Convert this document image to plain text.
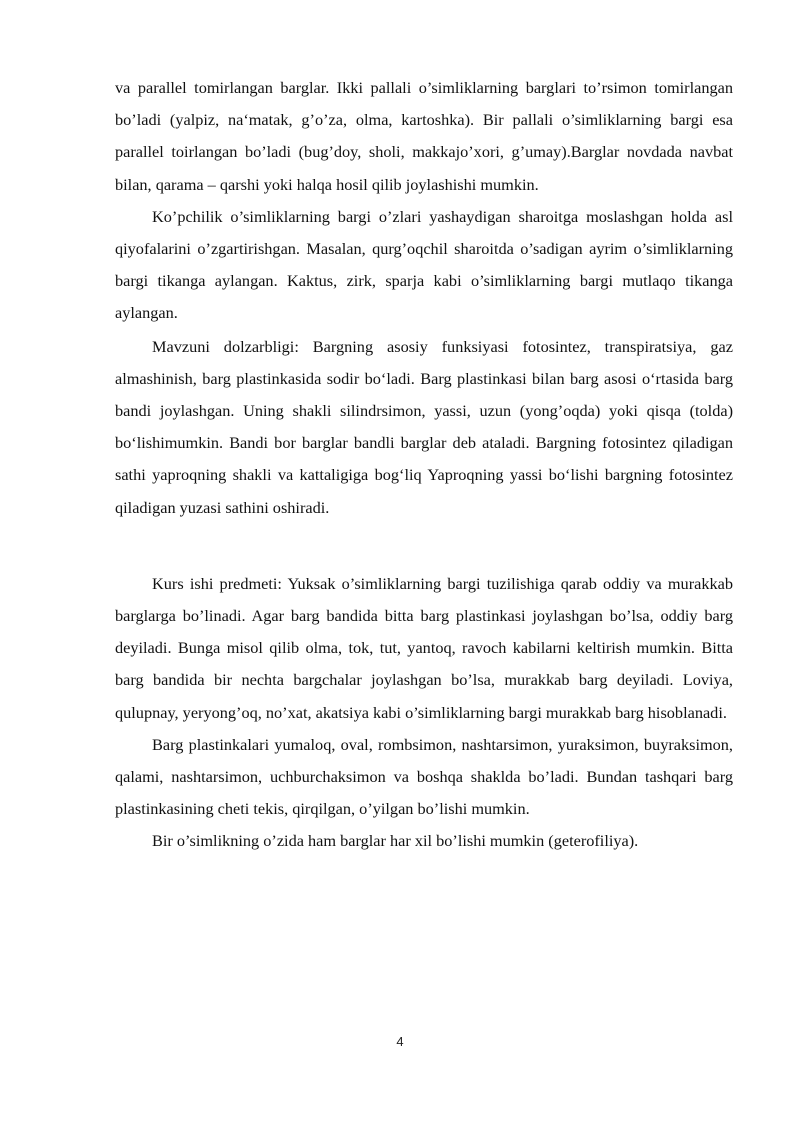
va parallel tomirlangan barglar. Ikki pallali o’simliklarning barglari to’rsimon tomirlangan bo’ladi (yalpiz, na‘matak, g’o’za, olma, kartoshka). Bir pallali o’simliklarning bargi esa parallel toirlangan bo’ladi (bug’doy, sholi, makkajo’xori, g’umay).Barglar novdada navbat bilan, qarama – qarshi yoki halqa hosil qilib joylashishi mumkin.

Ko’pchilik o’simliklarning bargi o’zlari yashaydigan sharoitga moslashgan holda asl qiyofalarini o’zgartirishgan. Masalan, qurg’oqchil sharoitda o’sadigan ayrim o’simliklarning bargi tikanga aylangan. Kaktus, zirk, sparja kabi o’simliklarning bargi mutlaqo tikanga aylangan.

Mavzuni dolzarbligi: Bargning asosiy funksiyasi fotosintez, transpiratsiya, gaz almashinish, barg plastinkasida sodir bo‘ladi. Barg plastinkasi bilan barg asosi o‘rtasida barg bandi joylashgan. Uning shakli silindrsimon, yassi, uzun (yong’oqda) yoki qisqa (tolda) bo‘lishimumkin. Bandi bor barglar bandli barglar deb ataladi. Bargning fotosintez qiladigan sathi yaproqning shakli va kattaligiga bog‘liq Yaproqning yassi bo‘lishi bargning fotosintez qiladigan yuzasi sathini oshiradi.

Kurs ishi predmeti: Yuksak o’simliklarning bargi tuzilishiga qarab oddiy va murakkab barglarga bo’linadi. Agar barg bandida bitta barg plastinkasi joylashgan bo’lsa, oddiy barg deyiladi. Bunga misol qilib olma, tok, tut, yantoq, ravoch kabilarni keltirish mumkin. Bitta barg bandida bir nechta bargchalar joylashgan bo’lsa, murakkab barg deyiladi. Loviya, qulupnay, yeryong’oq, no’xat, akatsiya kabi o’simliklarning bargi murakkab barg hisoblanadi.

Barg plastinkalari yumaloq, oval, rombsimon, nashtarsimon, yuraksimon, buyraksimon, qalami, nashtarsimon, uchburchaksimon va boshqa shaklda bo’ladi. Bundan tashqari barg plastinkasining cheti tekis, qirqilgan, o’yilgan bo’lishi mumkin.

Bir o’simlikning o’zida ham barglar har xil bo’lishi mumkin (geterofiliya).

4
